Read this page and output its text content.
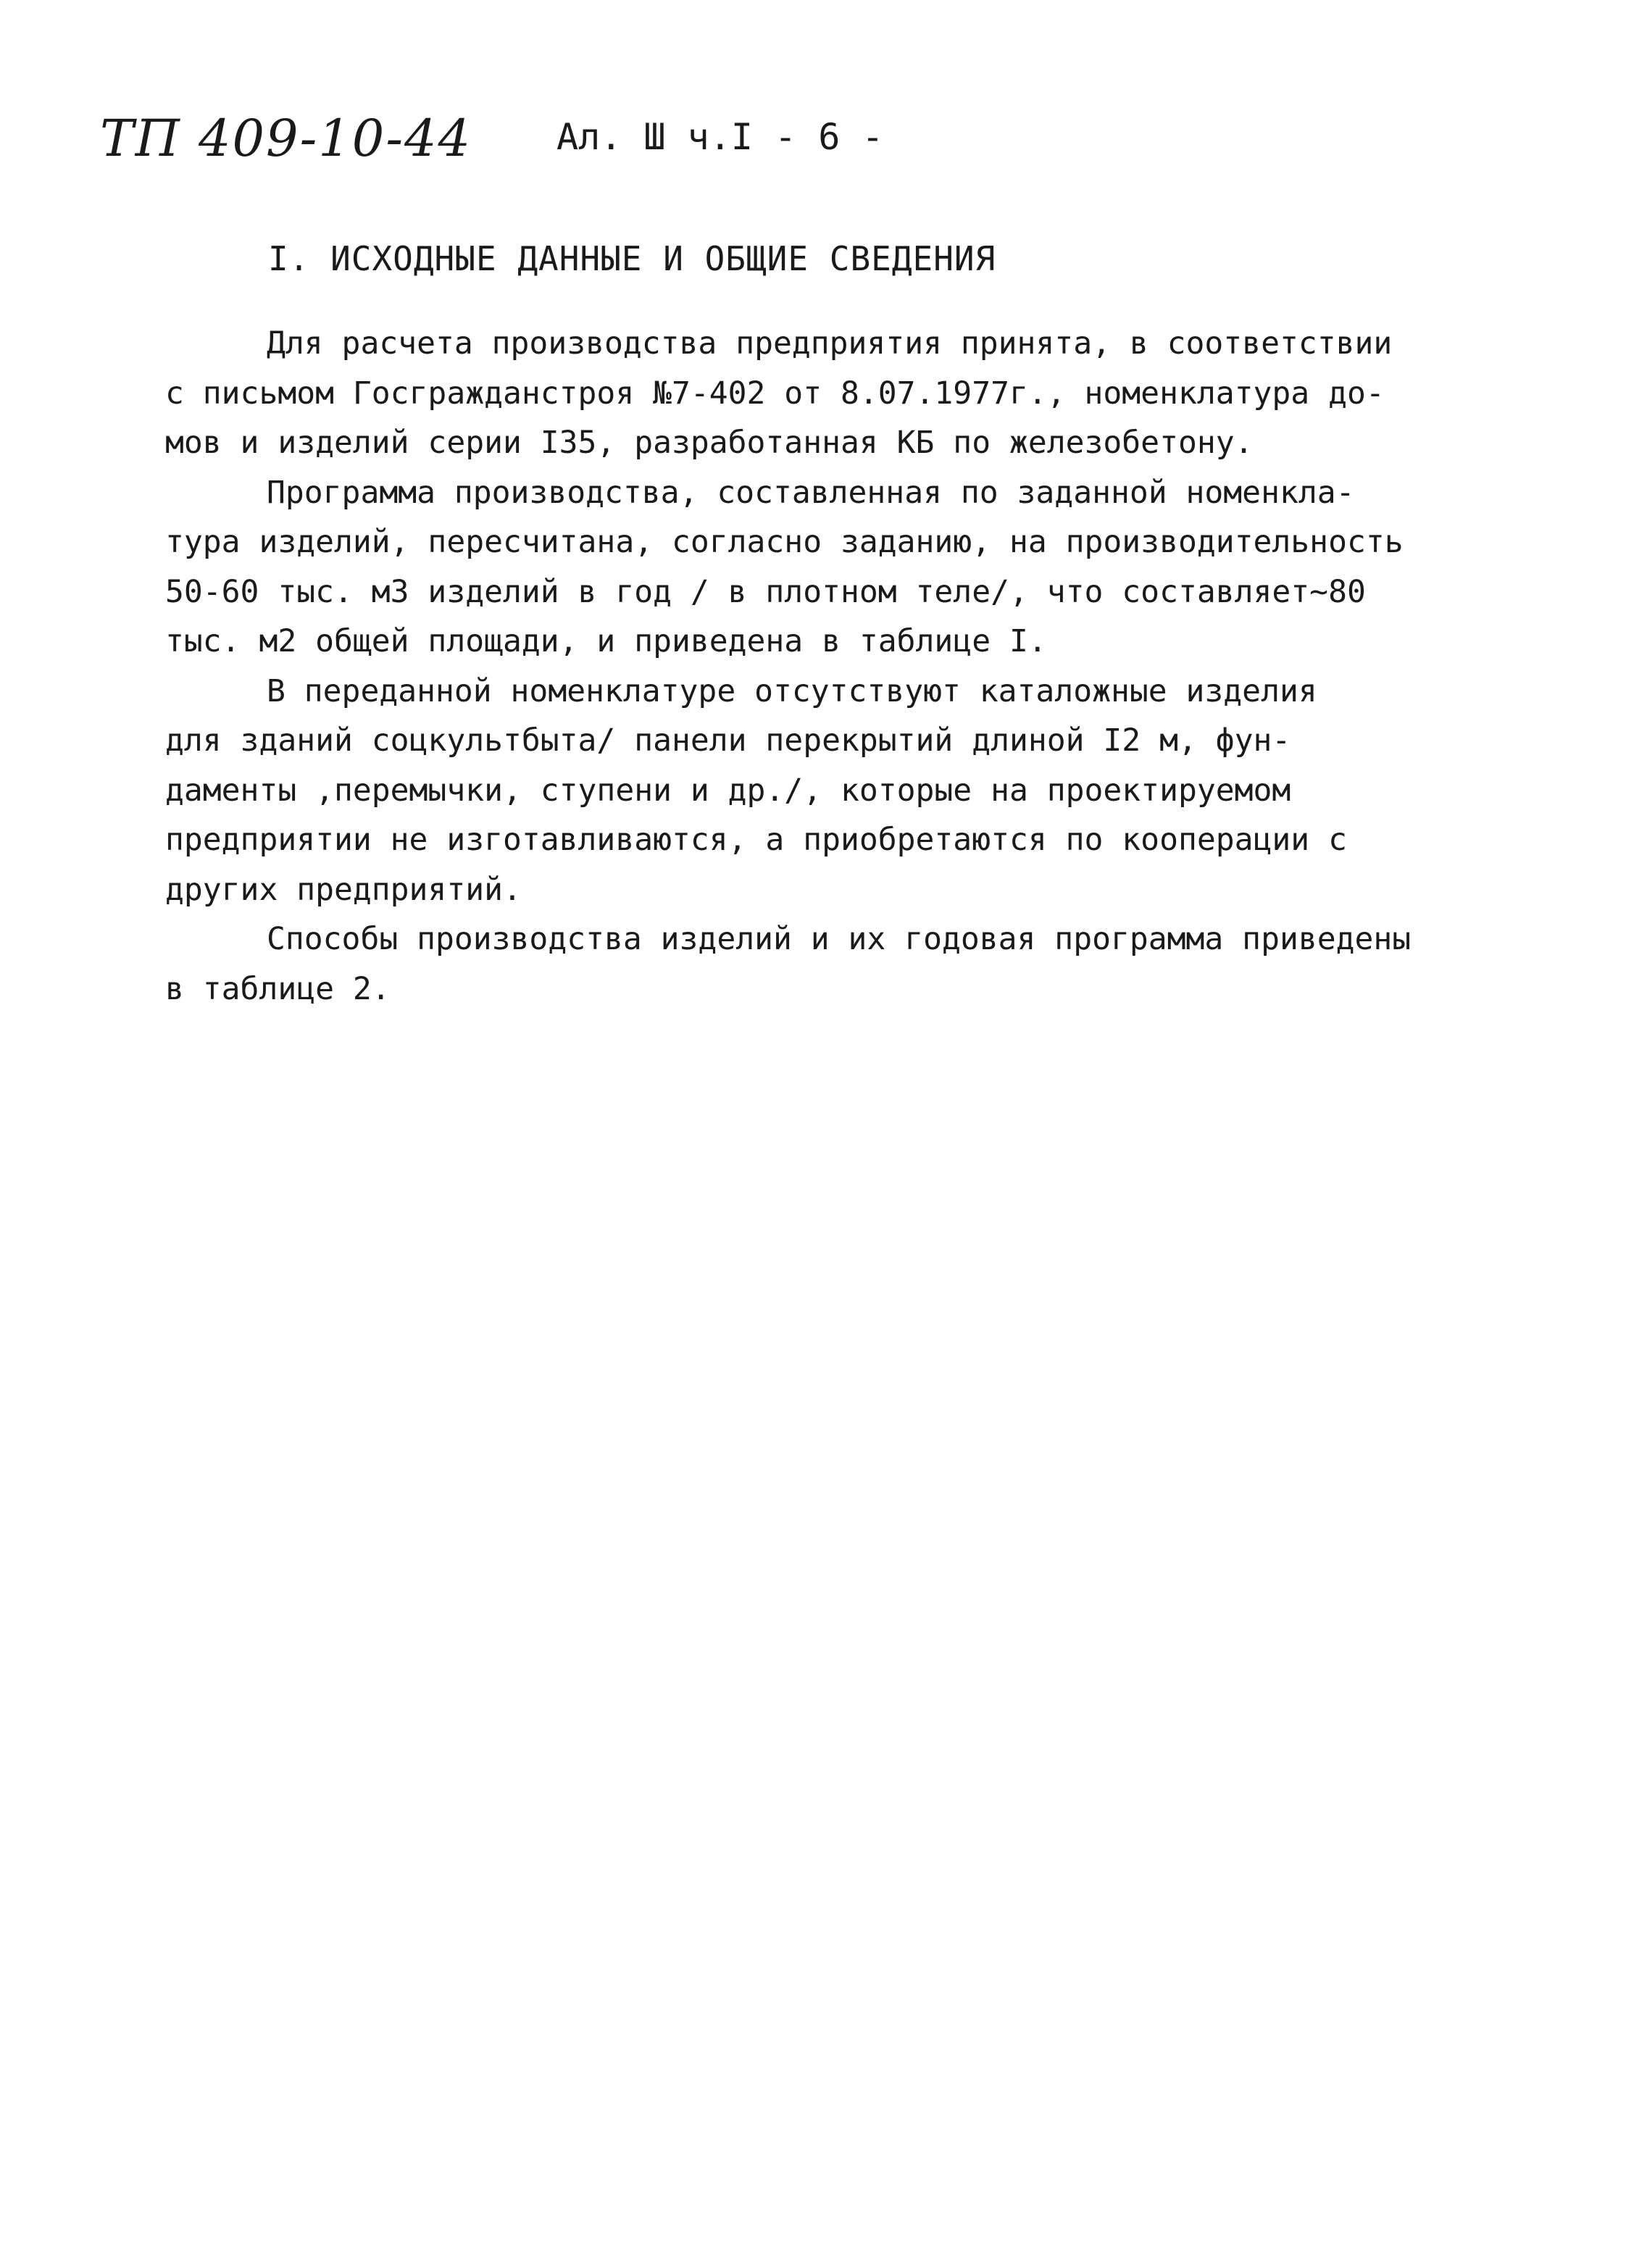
ТП 409-10-44 Ал. Ш ч.I - 6 -
I. ИСХОДНЫЕ ДАННЫЕ И ОБЩИЕ СВЕДЕНИЯ
Для расчета производства предприятия принята, в соответствии
с письмом Госгражданстроя №7-402 от 8.07.1977г., номенклатура до-
мов и изделий серии I35, разработанная КБ по железобетону.
Программа производства, составленная по заданной номенкла-
тура изделий, пересчитана, согласно заданию, на производительность
50-60 тыс. м3 изделий в год / в плотном теле/, что составляет~80
тыс. м2 общей площади, и приведена в таблице I.
В переданной номенклатуре отсутствуют каталожные изделия
для зданий соцкультбыта/ панели перекрытий длиной I2 м, фун-
даменты ,перемычки, ступени и др./, которые на проектируемом
предприятии не изготавливаются, а приобретаются по кооперации с
других предприятий.
Способы производства изделий и их годовая программа приведены
в таблице 2.
